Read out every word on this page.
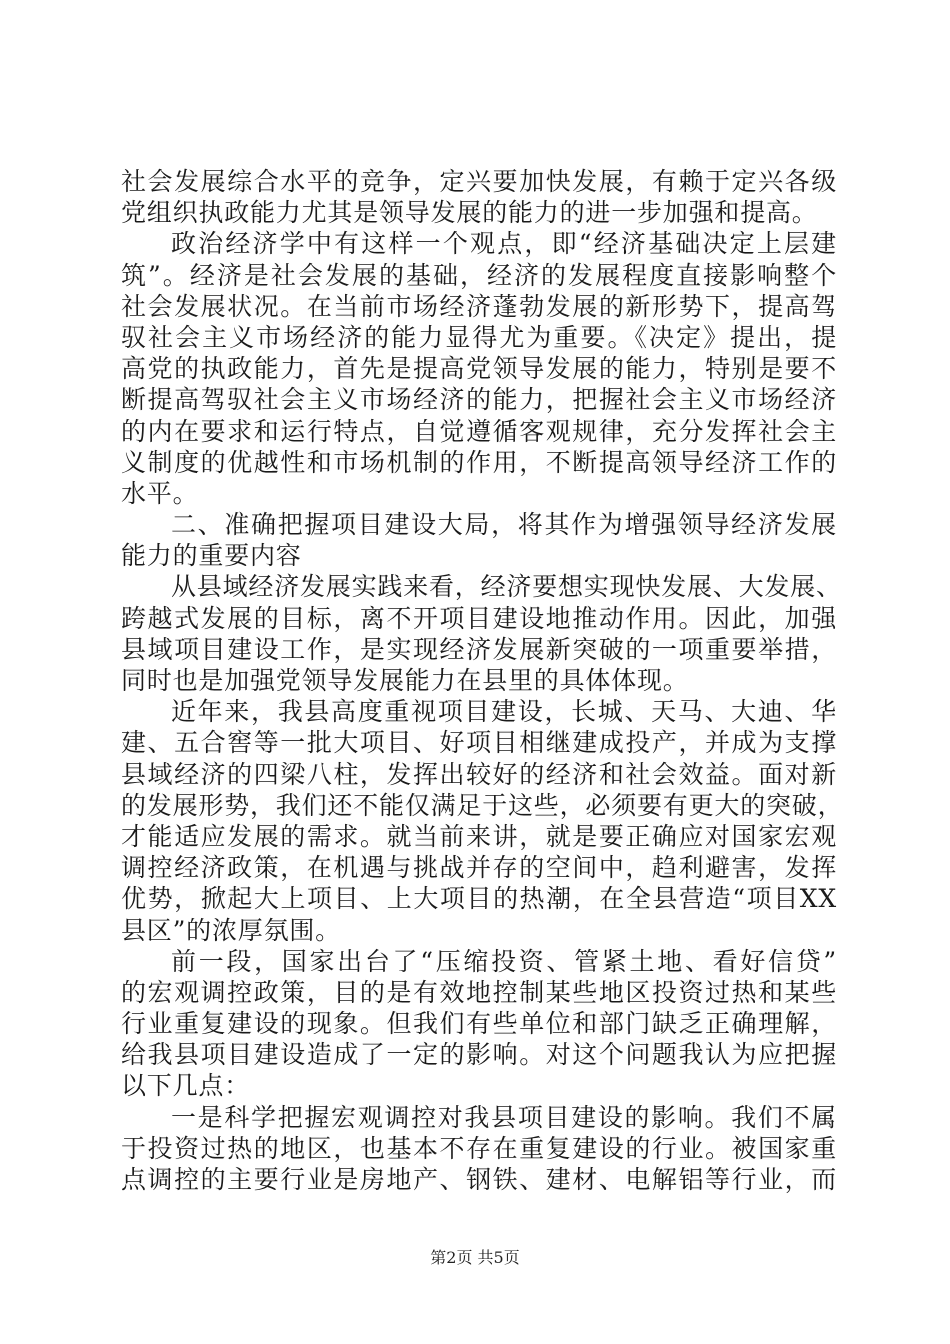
社会发展综合水平的竞争，定兴要加快发展，有赖于定兴各级
党组织执政能力尤其是领导发展的能力的进一步加强和提高。
政治经济学中有这样一个观点，即“经济基础决定上层建
筑”。经济是社会发展的基础，经济的发展程度直接影响整个
社会发展状况。在当前市场经济蓬勃发展的新形势下，提高驾
驭社会主义市场经济的能力显得尤为重要。《决定》提出，提
高党的执政能力，首先是提高党领导发展的能力，特别是要不
断提高驾驭社会主义市场经济的能力，把握社会主义市场经济
的内在要求和运行特点，自觉遵循客观规律，充分发挥社会主
义制度的优越性和市场机制的作用，不断提高领导经济工作的
水平。
二、准确把握项目建设大局，将其作为增强领导经济发展
能力的重要内容
从县域经济发展实践来看，经济要想实现快发展、大发展、
跨越式发展的目标，离不开项目建设地推动作用。因此，加强
县域项目建设工作，是实现经济发展新突破的一项重要举措，
同时也是加强党领导发展能力在县里的具体体现。
近年来，我县高度重视项目建设，长城、天马、大迪、华
建、五合窖等一批大项目、好项目相继建成投产，并成为支撑
县域经济的四梁八柱，发挥出较好的经济和社会效益。面对新
的发展形势，我们还不能仅满足于这些，必须要有更大的突破，
才能适应发展的需求。就当前来讲，就是要正确应对国家宏观
调控经济政策，在机遇与挑战并存的空间中，趋利避害，发挥
优势，掀起大上项目、上大项目的热潮，在全县营造“项目XX
县区”的浓厚氛围。
前一段，国家出台了“压缩投资、管紧土地、看好信贷”
的宏观调控政策，目的是有效地控制某些地区投资过热和某些
行业重复建设的现象。但我们有些单位和部门缺乏正确理解，
给我县项目建设造成了一定的影响。对这个问题我认为应把握
以下几点：
一是科学把握宏观调控对我县项目建设的影响。我们不属
于投资过热的地区，也基本不存在重复建设的行业。被国家重
点调控的主要行业是房地产、钢铁、建材、电解铝等行业，而
第2页 共5页
